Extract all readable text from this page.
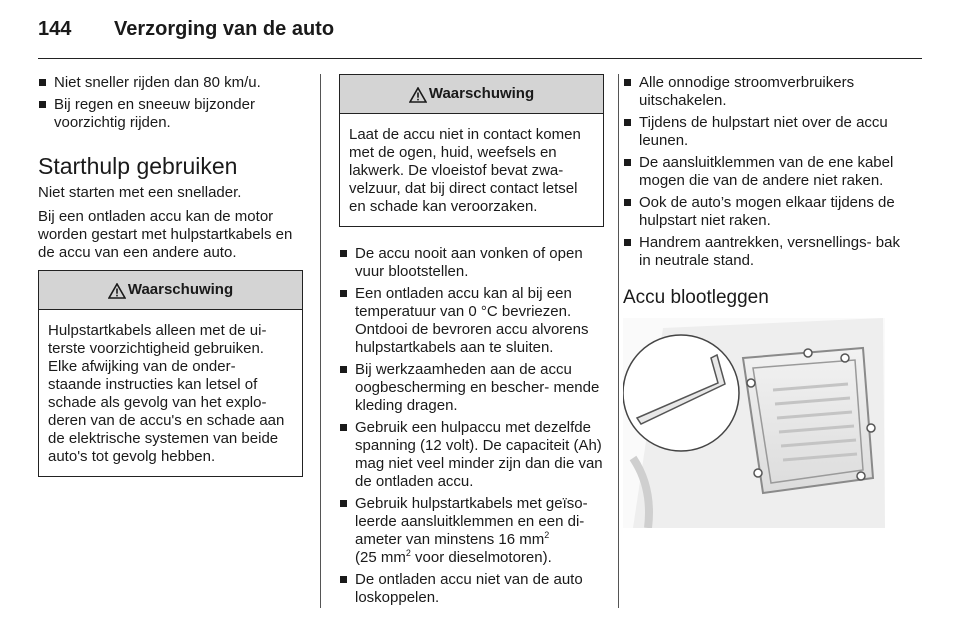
144	Verzorging van de auto
Niet sneller rijden dan 80 km/u.
Bij regen en sneeuw bijzonder voorzichtig rijden.
Starthulp gebruiken

Niet starten met een snellader.

Bij een ontladen accu kan de motor worden gestart met hulpstartkabels en de accu van een andere auto.

Waarschuwing
Hulpstartkabels alleen met de ui- terste voorzichtigheid gebruiken. Elke afwijking van de onder- staande instructies kan letsel of schade als gevolg van het explo- deren van de accu's en schade aan de elektrische systemen van beide auto's tot gevolg hebben.
Waarschuwing
Laat de accu niet in contact komen met de ogen, huid, weefsels en lakwerk. De vloeistof bevat zwa- velzuur, dat bij direct contact letsel en schade kan veroorzaken.
De accu nooit aan vonken of open vuur blootstellen.
Een ontladen accu kan al bij een temperatuur van 0 °C bevriezen. Ontdooi de bevroren accu alvorens hulpstartkabels aan te sluiten.
Bij werkzaamheden aan de accu oogbescherming en bescher- mende kleding dragen.
Gebruik een hulpaccu met dezelfde spanning (12 volt). De capaciteit (Ah) mag niet veel minder zijn dan die van de ontladen accu.
Gebruik hulpstartkabels met geïso- leerde aansluitklemmen en een di- ameter van minstens 16 $mm^2$
(25 $mm^2$ voor dieselmotoren).
De ontladen accu niet van de auto loskoppelen.
Alle onnodige stroomverbruikers uitschakelen.
Tijdens de hulpstart niet over de accu leunen.
De aansluitklemmen van de ene kabel mogen die van de andere niet raken.
Ook de auto’s mogen elkaar tijdens de hulpstart niet raken.
Handrem aantrekken, versnellings- bak in neutrale stand.
Accu blootleggen
